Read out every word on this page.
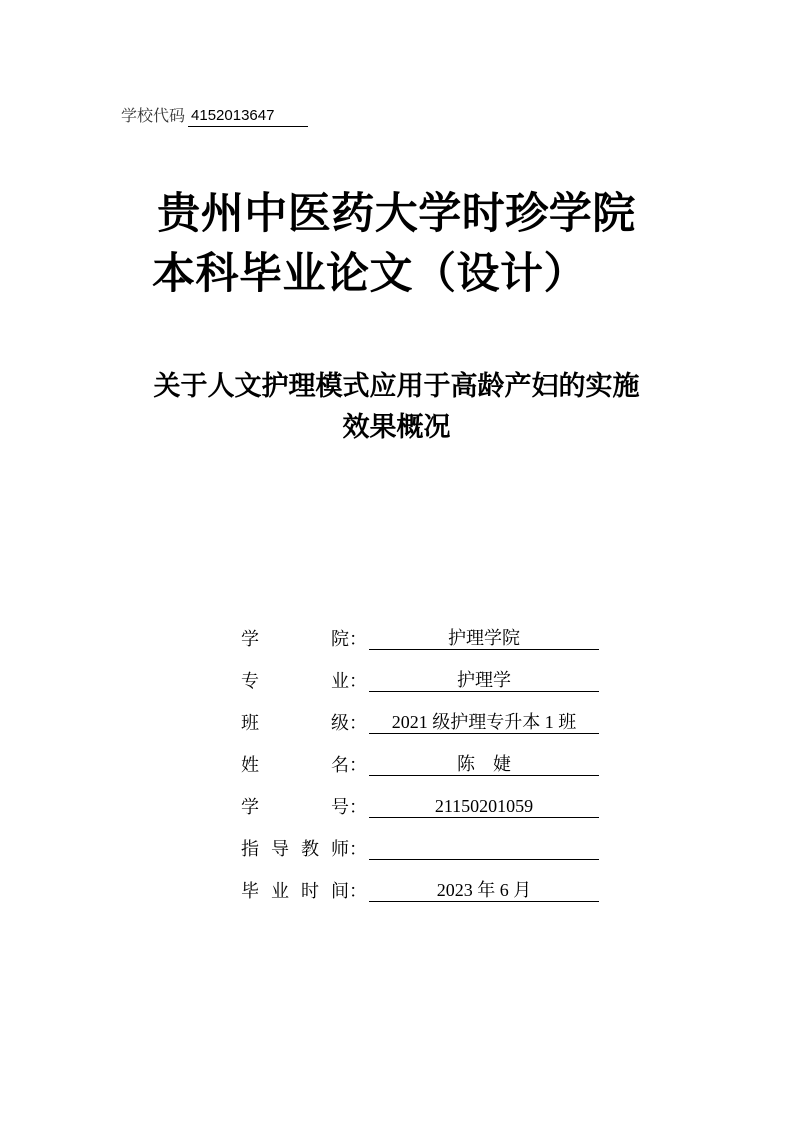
学校代码 4152013647
贵州中医药大学时珍学院
本科毕业论文（设计）
关于人文护理模式应用于高龄产妇的实施
效果概况
学	院：	护理学院
专	业：	护理学
班	级：	2021 级护理专升本 1 班
姓	名：	陈　婕
学	号：	21150201059
指 导 教 师：
毕 业 时 间：	2023 年 6 月
